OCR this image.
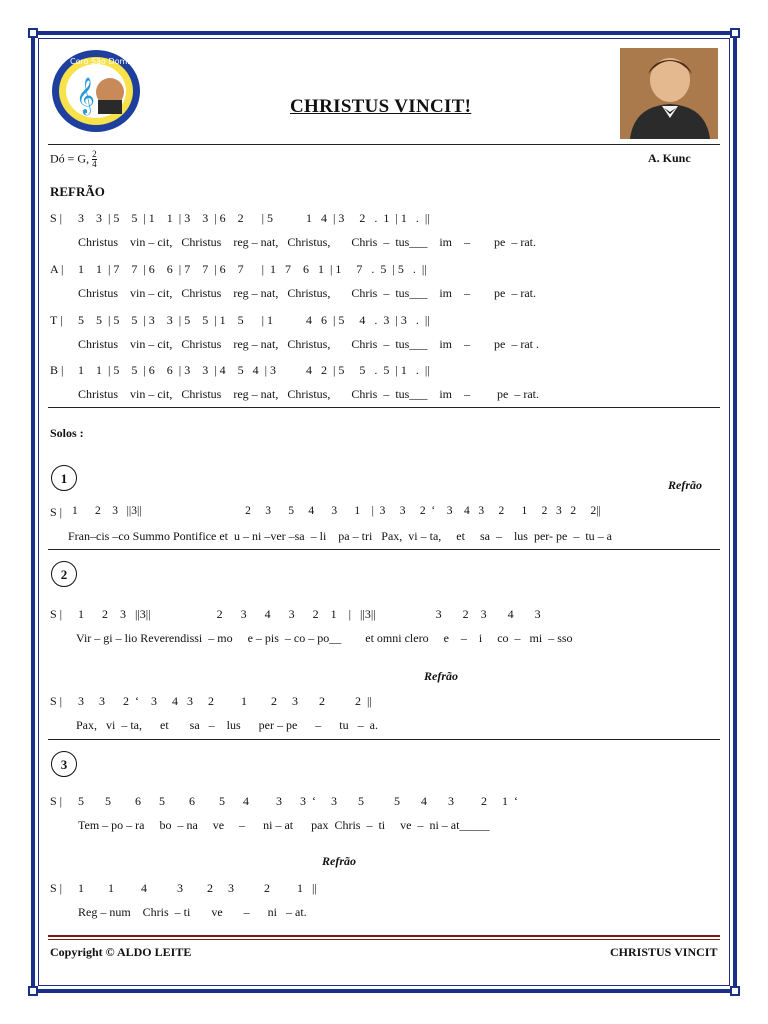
𝄞
Coro São Domingos Sávio
CHRISTUS VINCIT!
Dó = G, $\frac{2}{4}$	A. Kunc
REFRÃO
S | 3    3  | 5    5  | 1    1  | 3    3  | 6    2      | 5           1   4  | 3     2   .  1  | 1   .  ||
Christus    vin – cit,   Christus    reg – nat,   Christus,       Chris  –  tus___    im    –        pe  – rat.
A | 1    1  | 7    7  | 6    6  | 7    7  | 6    7      |  1   7    6   1  | 1     7   .  5  | 5   .  ||
Christus    vin – cit,   Christus    reg – nat,   Christus,       Chris  –  tus___    im    –        pe  – rat.
T | 5    5  | 5    5  | 3    3  | 5    5  | 1    5      | 1           4   6  | 5     4   .  3  | 3   .  ||
Christus    vin – cit,   Christus    reg – nat,   Christus,       Chris  –  tus___    im    –        pe  – rat .
B | 1    1  | 5    5  | 6    6  | 3    3  | 4    5   4  | 3          4   2  | 5     5   .  5  | 1   .  ||
Christus    vin – cit,   Christus    reg – nat,   Christus,       Chris  –  tus___    im    –         pe  – rat.
Solos :
1	Refrão
S | 1      2    3   ||3||                                    2     3      5     4      3      1    |  3     3     2  ‘    3    4   3     2      1     2   3   2     2||
Fran–cis –co Summo Pontifice et  u – ni –ver –sa  – li    pa – tri   Pax,  vi – ta,     et     sa  –    lus  per- pe  –  tu – a
2
S | 1      2    3   ||3||                      2      3      4      3      2    1    |   ||3||                    3       2    3       4       3
Vir – gi – lio Reverendissi  – mo     e – pis  – co – po__        et omni clero     e    –    i     co  –   mi  – sso
Refrão
S | 3     3      2  ‘    3     4   3     2         1        2     3       2          2  ||
Pax,   vi  – ta,      et       sa   –    lus      per – pe      –      tu   –  a.
3
S | 5       5        6      5        6        5      4         3      3  ‘     3       5          5       4       3         2     1  ‘
Tem – po – ra     bo  – na     ve     –      ni – at      pax  Chris  –  ti     ve  –  ni – at_____
Refrão
S | 1        1         4          3        2     3          2         1   ||
Reg – num    Chris  – ti       ve       –      ni   – at.
Copyright © ALDO LEITE	CHRISTUS VINCIT
